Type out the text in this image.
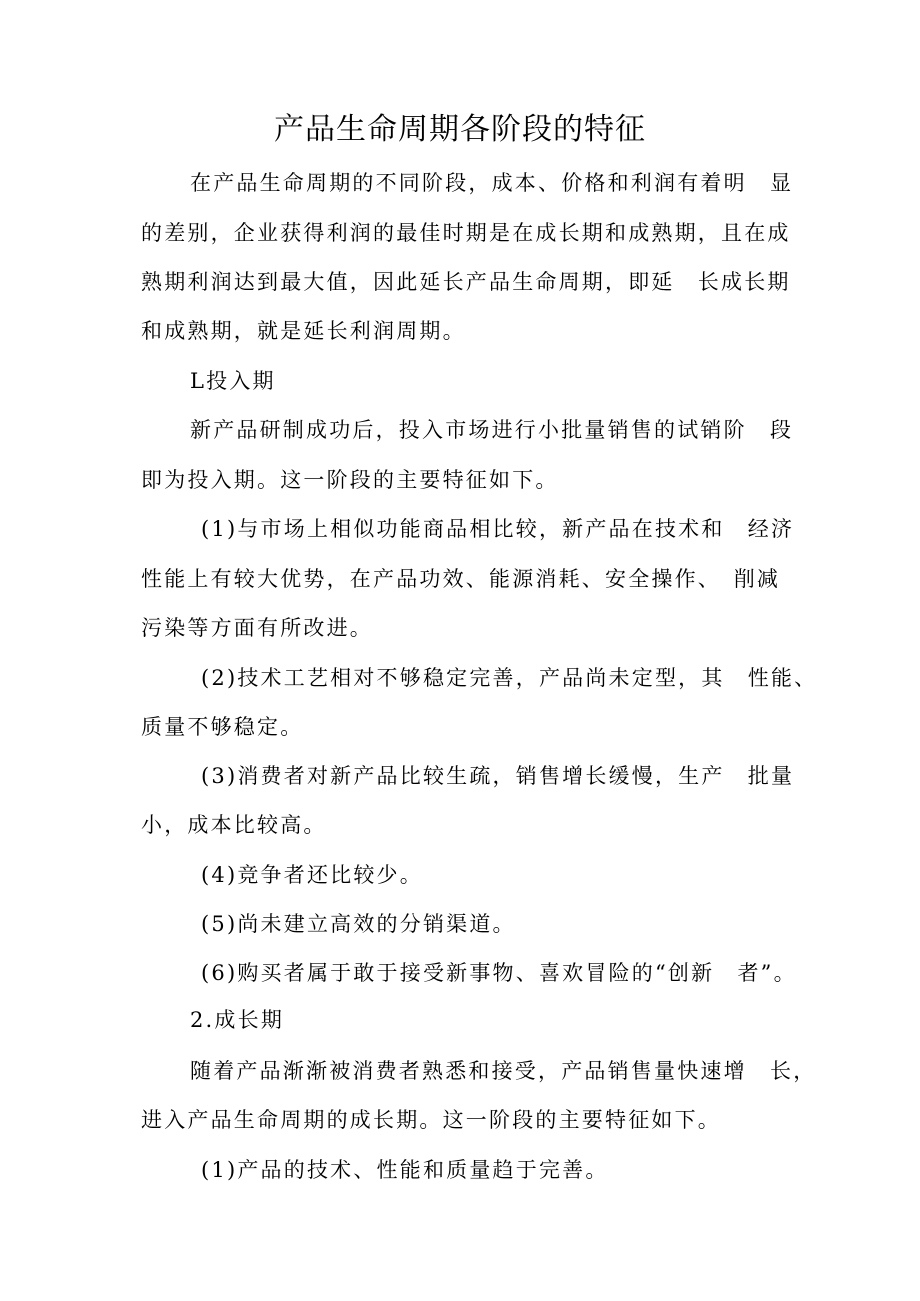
产品生命周期各阶段的特征
在产品生命周期的不同阶段，成本、价格和利润有着明　显
的差别，企业获得利润的最佳时期是在成长期和成熟期，且在成
熟期利润达到最大值，因此延长产品生命周期，即延　长成长期
和成熟期，就是延长利润周期。
L投入期
新产品研制成功后，投入市场进行小批量销售的试销阶　段
即为投入期。这一阶段的主要特征如下。
(1)与市场上相似功能商品相比较，新产品在技术和　经济
性能上有较大优势，在产品功效、能源消耗、安全操作、　削减
污染等方面有所改进。
(2)技术工艺相对不够稳定完善，产品尚未定型，其　性能、
质量不够稳定。
(3)消费者对新产品比较生疏，销售增长缓慢，生产　批量
小，成本比较高。
(4)竞争者还比较少。
(5)尚未建立高效的分销渠道。
(6)购买者属于敢于接受新事物、喜欢冒险的“创新　者”。
2.成长期
随着产品渐渐被消费者熟悉和接受，产品销售量快速增　长，
进入产品生命周期的成长期。这一阶段的主要特征如下。
(1)产品的技术、性能和质量趋于完善。
